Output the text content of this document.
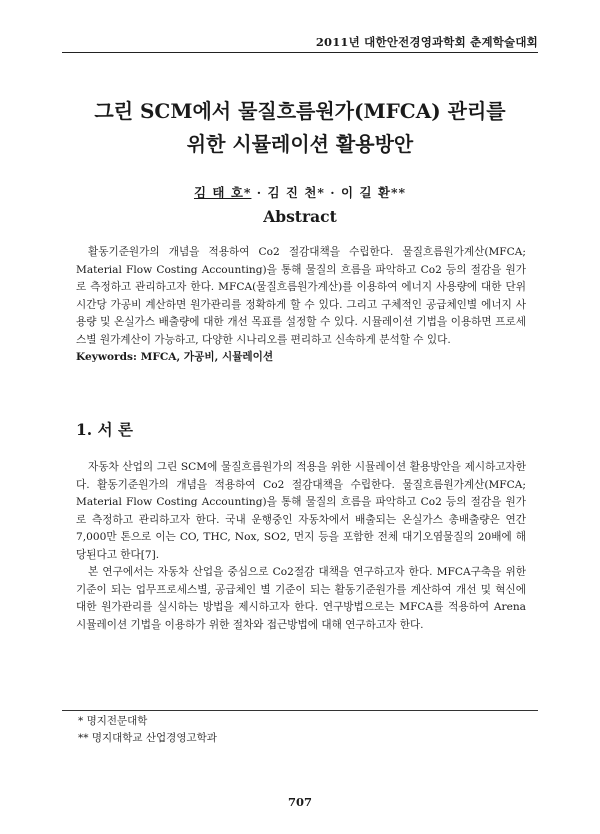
2011년 대한안전경영과학회 춘계학술대회
그린 SCM에서 물질흐름원가(MFCA) 관리를
위한 시뮬레이션 활용방안
김 태 호* · 김 진 천* · 이 길 환**
Abstract

활동기준원가의 개념을 적용하여 Co2 절감대책을 수립한다. 물질흐름원가계산(MFCA; Material Flow Costing Accounting)을 통해 물질의 흐름을 파악하고 Co2 등의 절감을 원가로 측정하고 관리하고자 한다. MFCA(물질흐름원가계산)를 이용하여 에너지 사용량에 대한 단위시간당 가공비 계산하면 원가관리를 정확하게 할 수 있다. 그리고 구체적인 공급체인별 에너지 사용량 및 온실가스 배출량에 대한 개선 목표를 설정할 수 있다. 시뮬레이션 기법을 이용하면 프로세스별 원가계산이 가능하고, 다양한 시나리오를 편리하고 신속하게 분석할 수 있다.

Keywords: MFCA, 가공비, 시뮬레이션

1. 서 론

자동차 산업의 그린 SCM에 물질흐름원가의 적용을 위한 시뮬레이션 활용방안을 제시하고자한다. 활동기준원가의 개념을 적용하여 Co2 절감대책을 수립한다. 물질흐름원가계산(MFCA; Material Flow Costing Accounting)을 통해 물질의 흐름을 파악하고 Co2 등의 절감을 원가로 측정하고 관리하고자 한다. 국내 운행중인 자동차에서 배출되는 온실가스 총배출량은 연간 7,000만 톤으로 이는 CO, THC, Nox, SO2, 먼지 등을 포함한 전체 대기오염물질의 20배에 해당된다고 한다[7].

본 연구에서는 자동차 산업을 중심으로 Co2절감 대책을 연구하고자 한다. MFCA구축을 위한 기준이 되는 업무프로세스별, 공급체인 별 기준이 되는 활동기준원가를 계산하여 개선 및 혁신에 대한 원가관리를 실시하는 방법을 제시하고자 한다. 연구방법으로는 MFCA를 적용하여 Arena 시뮬레이션 기법을 이용하가 위한 절차와 접근방법에 대해 연구하고자 한다.

* 명지전문대학
** 명지대학교 산업경영고학과
707
